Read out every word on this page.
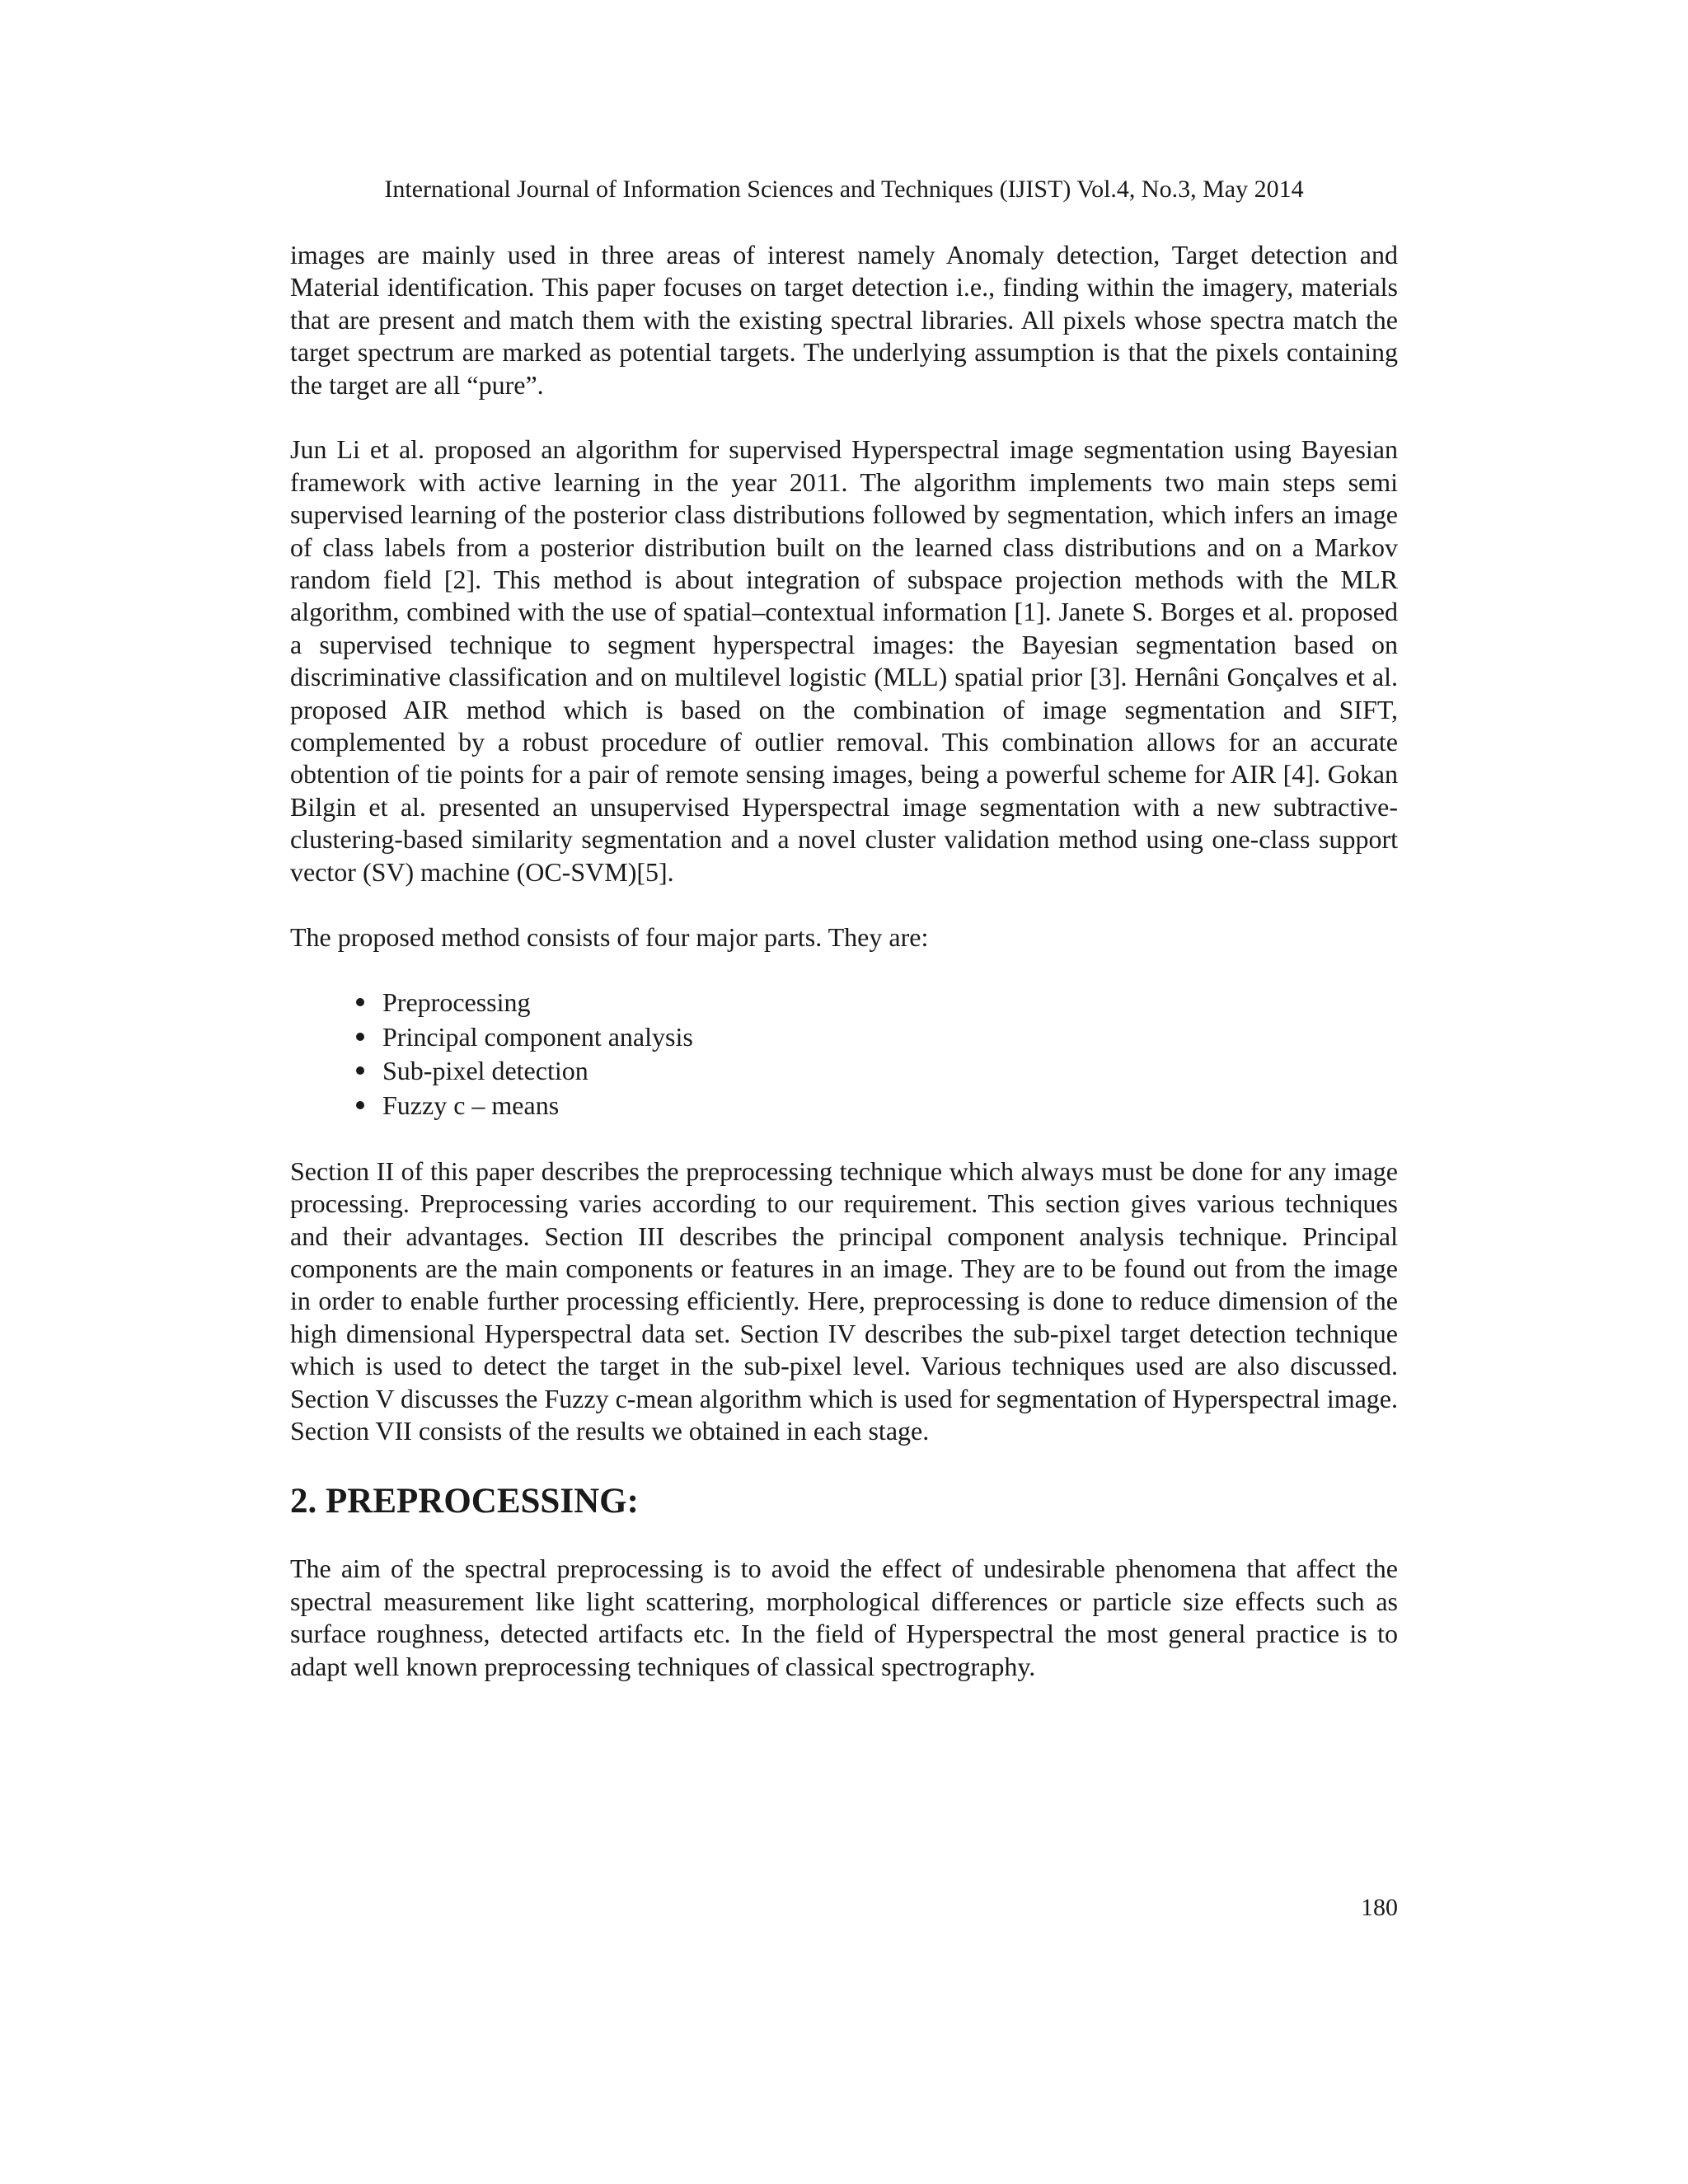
International Journal of Information Sciences and Techniques (IJIST) Vol.4, No.3, May 2014

images are mainly used in three areas of interest namely Anomaly detection, Target detection and Material identification. This paper focuses on target detection i.e., finding within the imagery, materials that are present and match them with the existing spectral libraries. All pixels whose spectra match the target spectrum are marked as potential targets. The underlying assumption is that the pixels containing the target are all “pure”.

Jun Li et al. proposed an algorithm for supervised Hyperspectral image segmentation using Bayesian framework with active learning in the year 2011. The algorithm implements two main steps semi supervised learning of the posterior class distributions followed by segmentation, which infers an image of class labels from a posterior distribution built on the learned class distributions and on a Markov random field [2]. This method is about integration of subspace projection methods with the MLR algorithm, combined with the use of spatial–contextual information [1]. Janete S. Borges et al. proposed a supervised technique to segment hyperspectral images: the Bayesian segmentation based on discriminative classification and on multilevel logistic (MLL) spatial prior [3]. Hernâni Gonçalves et al. proposed AIR method which is based on the combination of image segmentation and SIFT, complemented by a robust procedure of outlier removal. This combination allows for an accurate obtention of tie points for a pair of remote sensing images, being a powerful scheme for AIR [4]. Gokan Bilgin et al. presented an unsupervised Hyperspectral image segmentation with a new subtractive-clustering-based similarity segmentation and a novel cluster validation method using one-class support vector (SV) machine (OC-SVM)[5].

The proposed method consists of four major parts. They are:

Preprocessing
Principal component analysis
Sub-pixel detection
Fuzzy c – means

Section II of this paper describes the preprocessing technique which always must be done for any image processing. Preprocessing varies according to our requirement. This section gives various techniques and their advantages. Section III describes the principal component analysis technique. Principal components are the main components or features in an image. They are to be found out from the image in order to enable further processing efficiently. Here, preprocessing is done to reduce dimension of the high dimensional Hyperspectral data set. Section IV describes the sub-pixel target detection technique which is used to detect the target in the sub-pixel level. Various techniques used are also discussed. Section V discusses the Fuzzy c-mean algorithm which is used for segmentation of Hyperspectral image. Section VII consists of the results we obtained in each stage.

2. PREPROCESSING:

The aim of the spectral preprocessing is to avoid the effect of undesirable phenomena that affect the spectral measurement like light scattering, morphological differences or particle size effects such as surface roughness, detected artifacts etc. In the field of Hyperspectral the most general practice is to adapt well known preprocessing techniques of classical spectrography.

180
